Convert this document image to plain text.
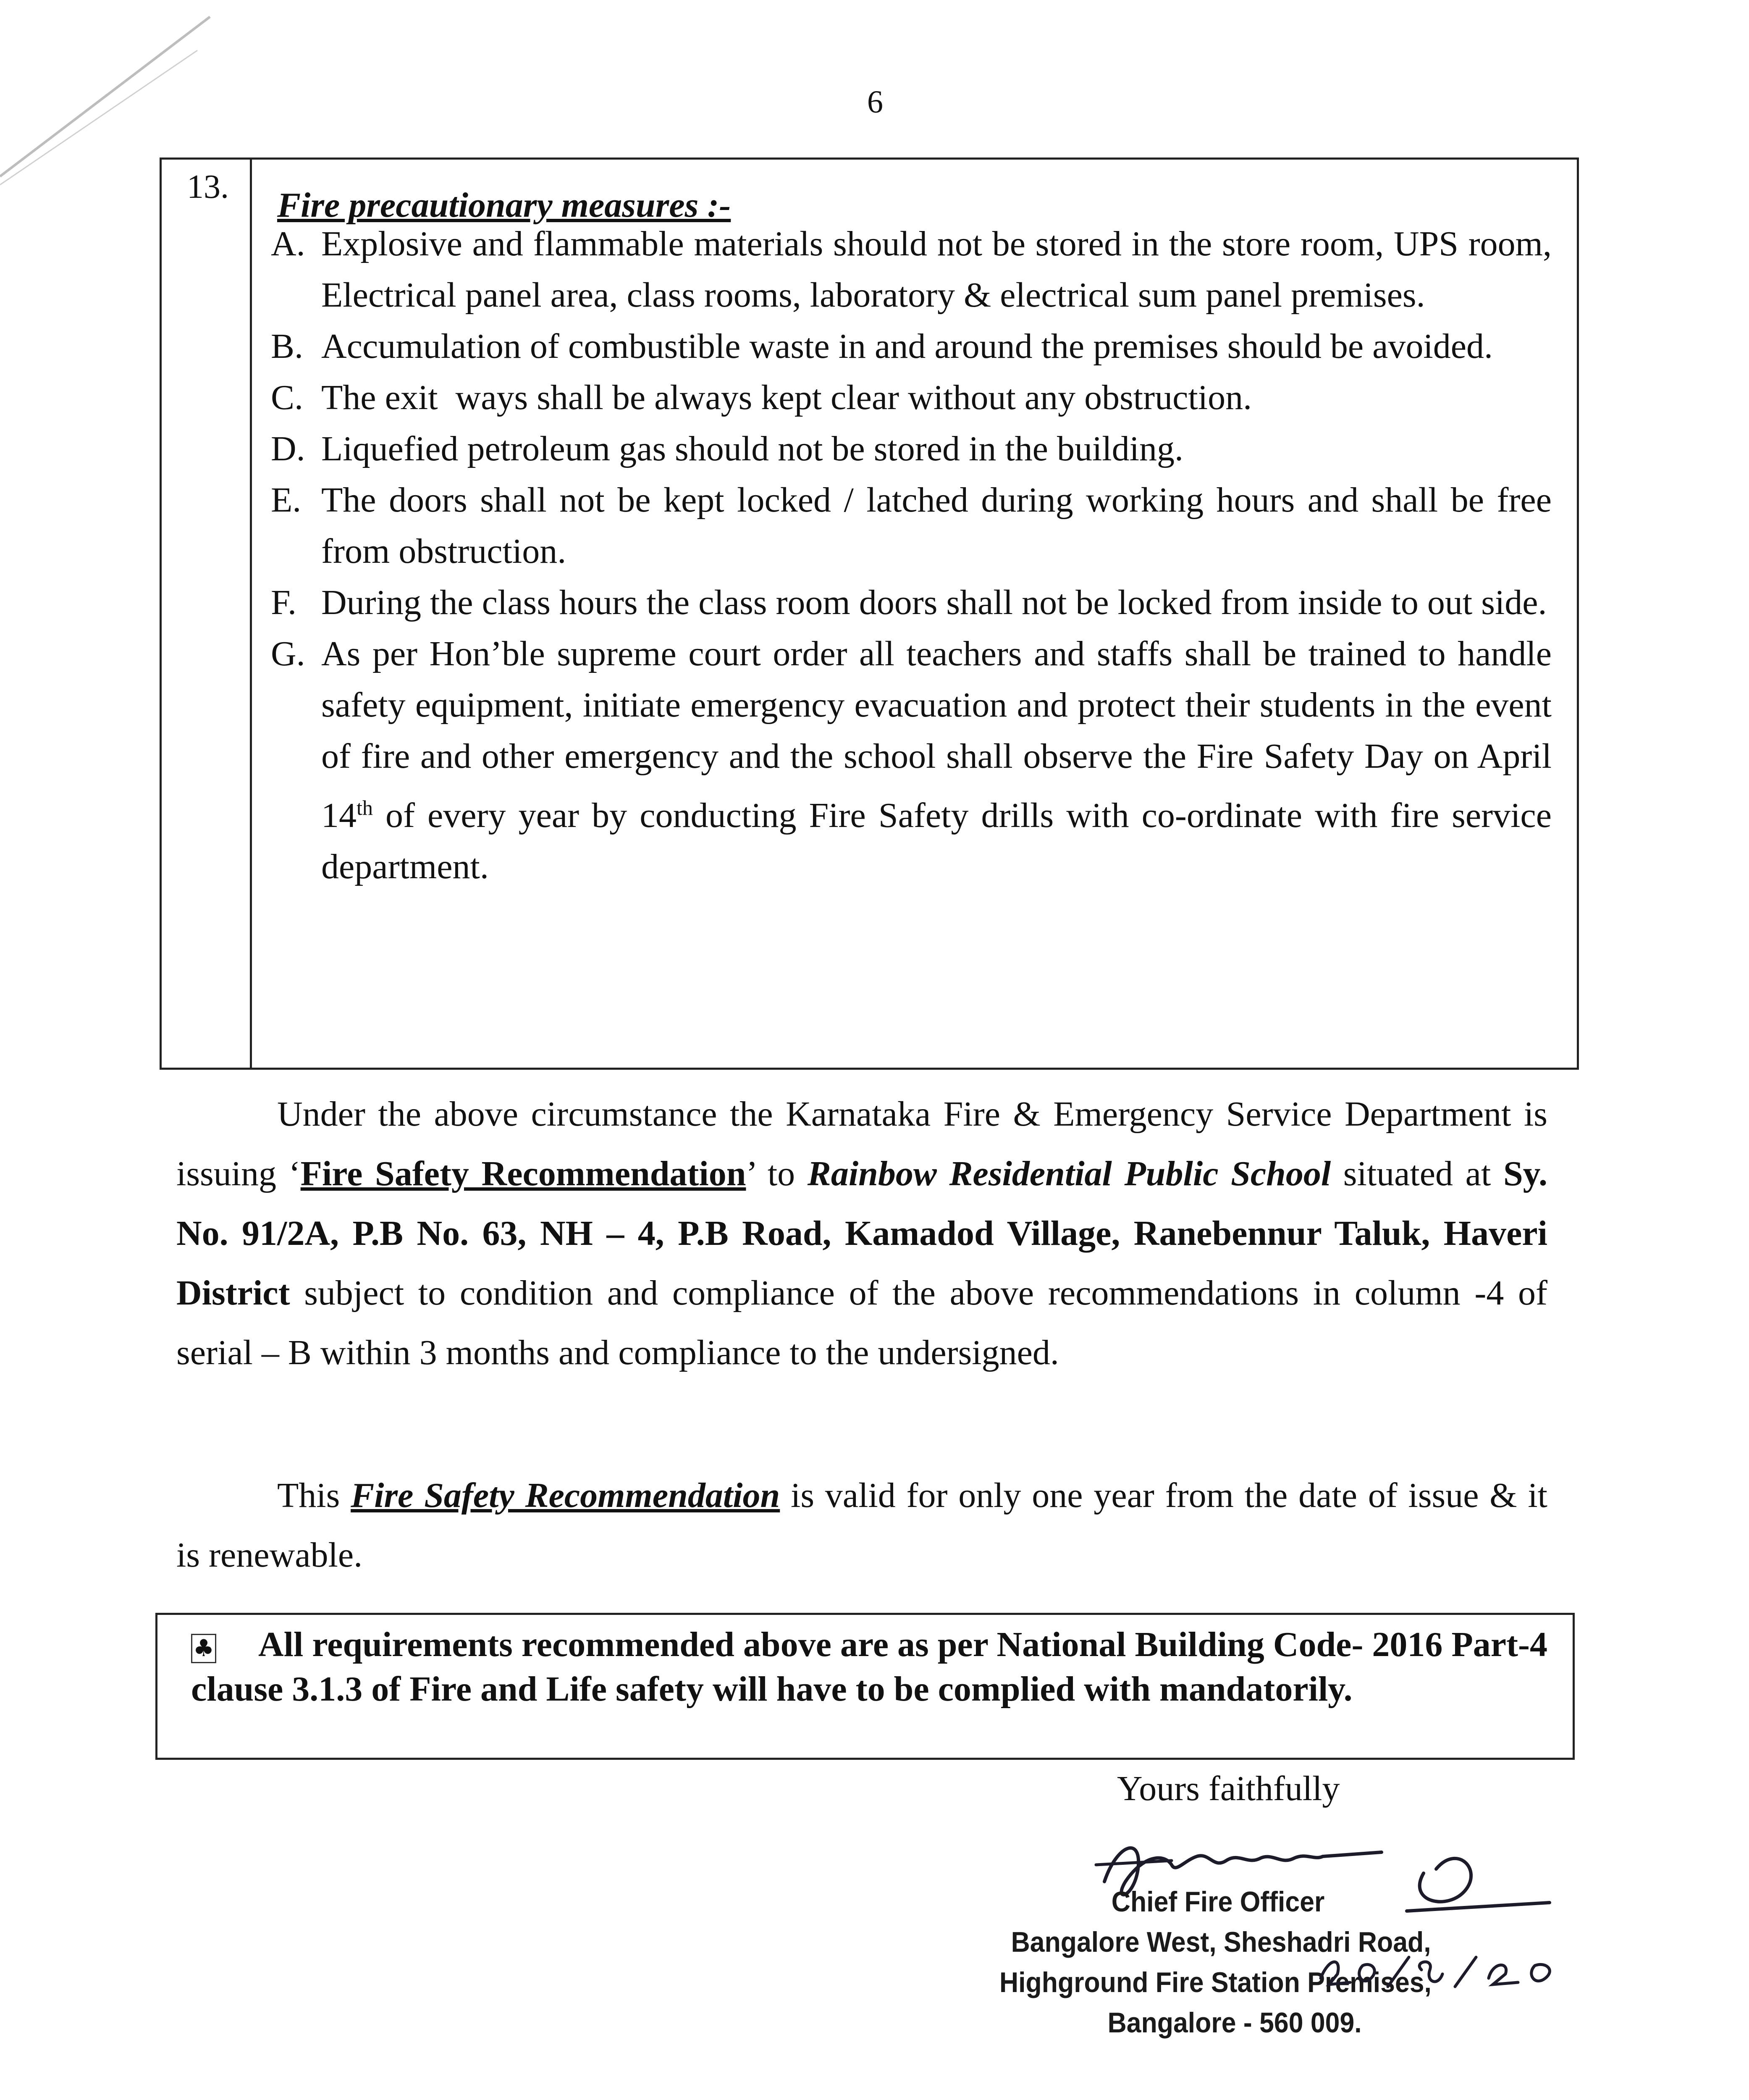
6
13. Fire precautionary measures :-
A. Explosive and flammable materials should not be stored in the store room, UPS room, Electrical panel area, class rooms, laboratory & electrical sum panel premises.
B. Accumulation of combustible waste in and around the premises should be avoided.
C. The exit  ways shall be always kept clear without any obstruction.
D. Liquefied petroleum gas should not be stored in the building.
E. The doors shall not be kept locked / latched during working hours and shall be free from obstruction.
F. During the class hours the class room doors shall not be locked from inside to out side.
G. As per Hon’ble supreme court order all teachers and staffs shall be trained to handle safety equipment, initiate emergency evacuation and protect their students in the event of fire and other emergency and the school shall observe the Fire Safety Day on April 14th of every year by conducting Fire Safety drills with co-ordinate with fire service department.
Under the above circumstance the Karnataka Fire & Emergency Service Department is issuing ‘Fire Safety Recommendation’ to Rainbow Residential Public School situated at Sy. No. 91/2A, P.B No. 63, NH – 4, P.B Road, Kamadod Village, Ranebennur Taluk, Haveri District subject to condition and compliance of the above recommendations in column -4 of serial – B within 3 months and compliance to the undersigned.
This Fire Safety Recommendation is valid for only one year from the date of issue & it is renewable.
♣ All requirements recommended above are as per National Building Code- 2016 Part-4 clause 3.1.3 of Fire and Life safety will have to be complied with mandatorily.
Yours faithfully
Chief Fire Officer
Bangalore West, Sheshadri Road,
Highground Fire Station Premises,
Bangalore - 560 009.
